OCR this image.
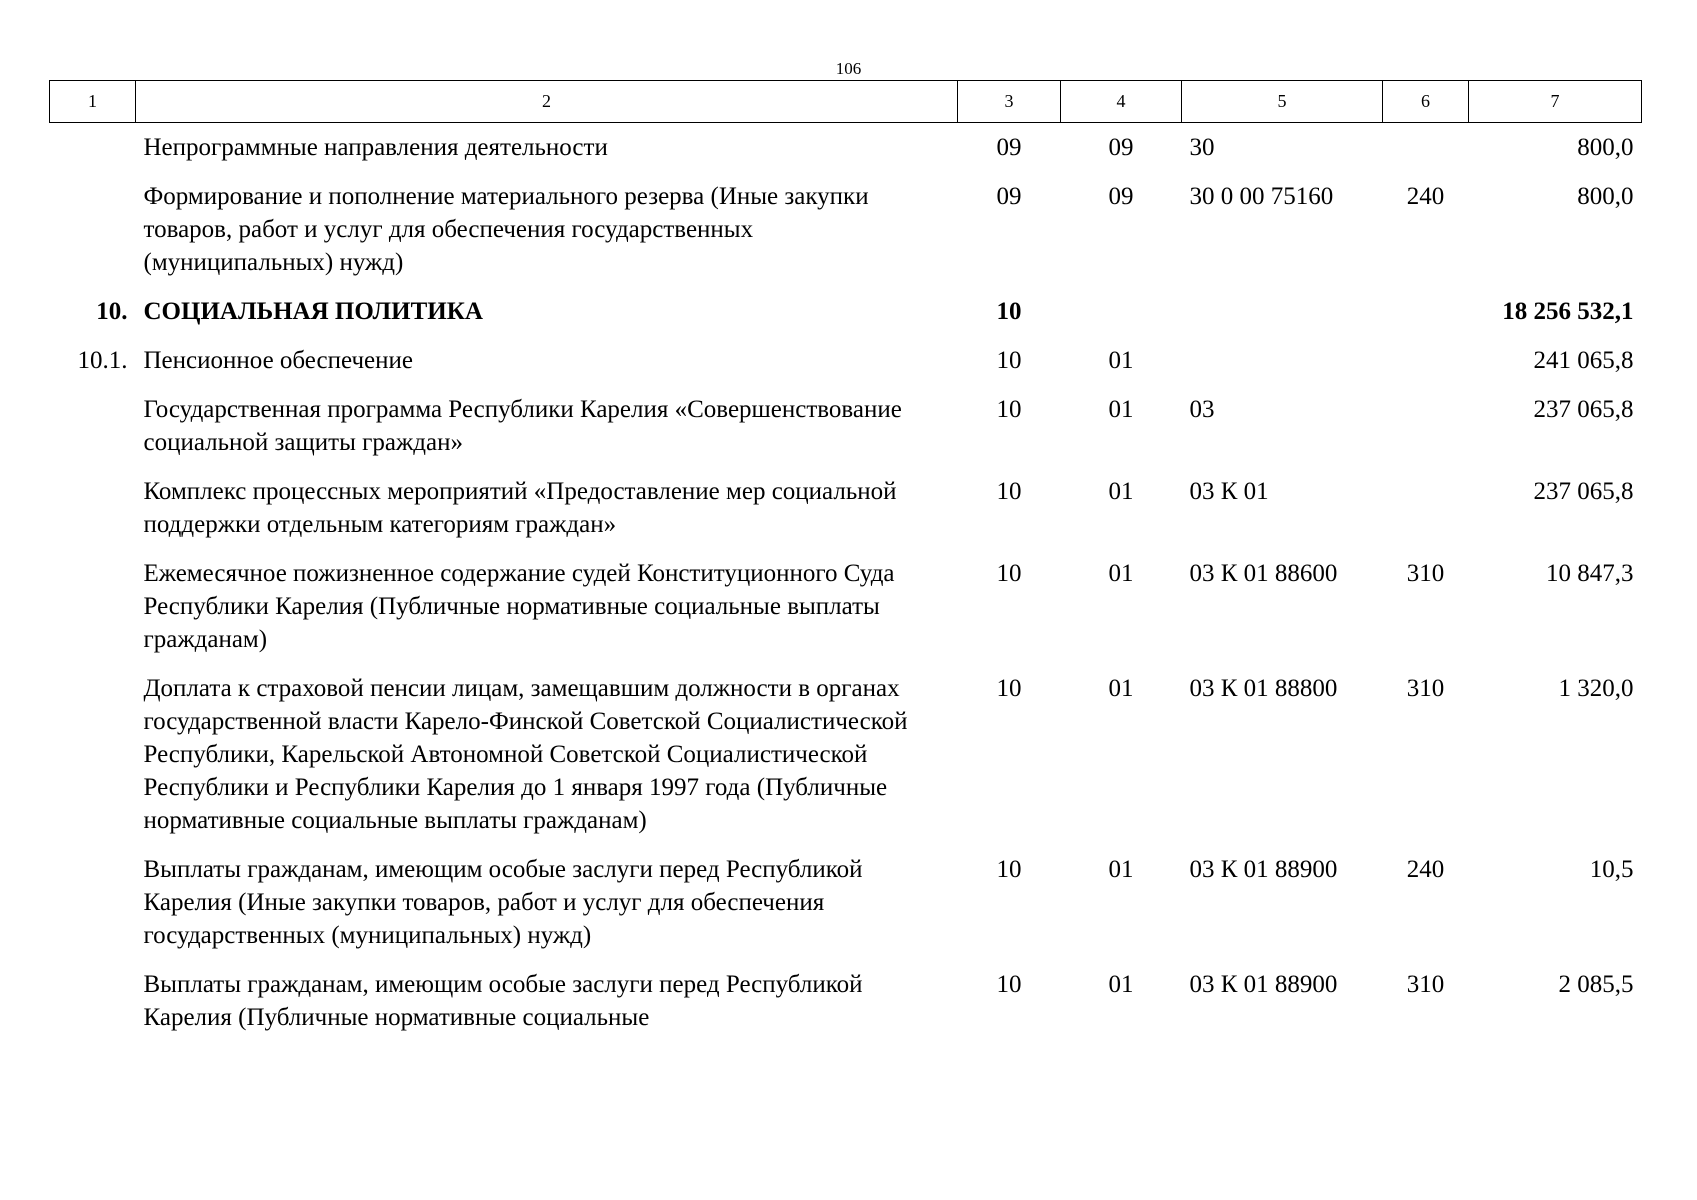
106
1	2	3	4	5	6	7
	Непрограммные направления деятельности	09	09	30		800,0
	Формирование и пополнение материального резерва (Иные закупки товаров, работ и услуг для обеспечения государственных (муниципальных) нужд)	09	09	30 0 00 75160	240	800,0
10.	СОЦИАЛЬНАЯ ПОЛИТИКА	10				18 256 532,1
10.1.	Пенсионное обеспечение	10	01			241 065,8
	Государственная программа Республики Карелия «Совершенствование социальной защиты граждан»	10	01	03		237 065,8
	Комплекс процессных мероприятий «Предоставление мер социальной поддержки отдельным категориям граждан»	10	01	03 К 01		237 065,8
	Ежемесячное пожизненное содержание судей Конституционного Суда Республики Карелия (Публичные нормативные социальные выплаты гражданам)	10	01	03 К 01 88600	310	10 847,3
	Доплата к страховой пенсии лицам, замещавшим должности в органах государственной власти Карело-Финской Советской Социалистической Республики, Карельской Автономной Советской Социалистической Республики и Республики Карелия до 1 января 1997 года (Публичные нормативные социальные выплаты гражданам)	10	01	03 К 01 88800	310	1 320,0
	Выплаты гражданам, имеющим особые заслуги перед Республикой Карелия (Иные закупки товаров, работ и услуг для обеспечения государственных (муниципальных) нужд)	10	01	03 К 01 88900	240	10,5
	Выплаты гражданам, имеющим особые заслуги перед Республикой Карелия (Публичные нормативные социальные	10	01	03 К 01 88900	310	2 085,5
